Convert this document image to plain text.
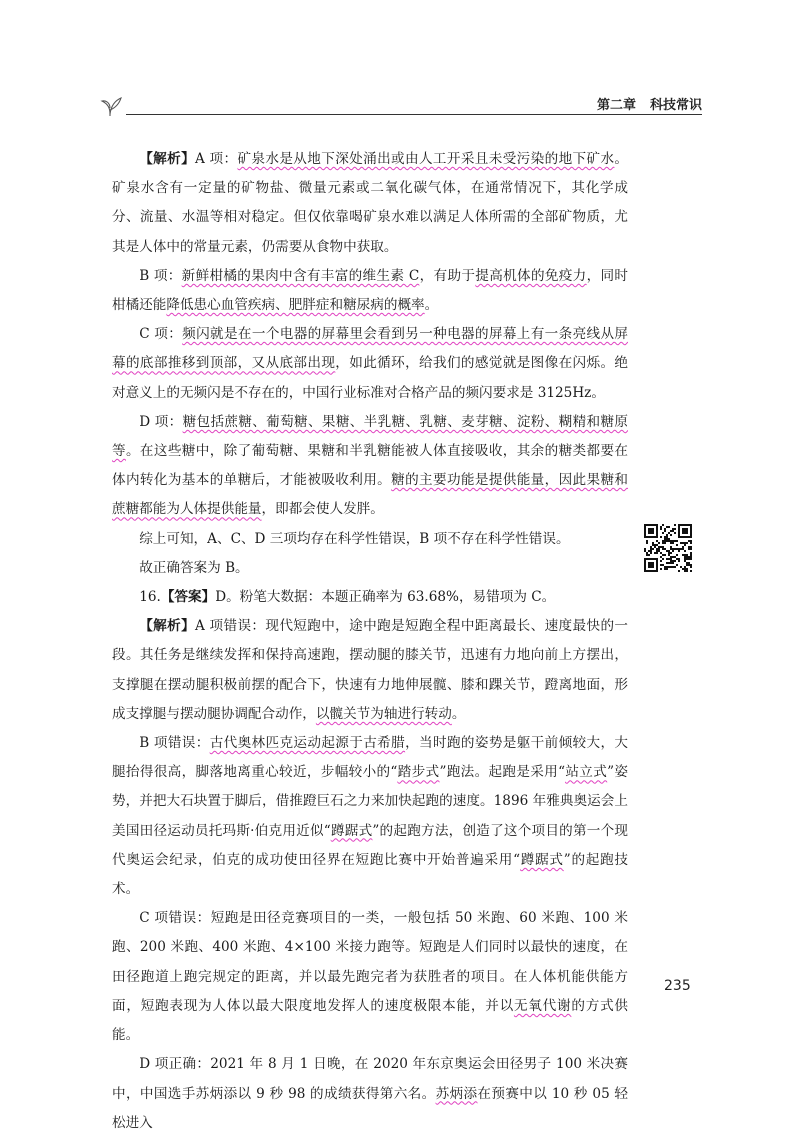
第二章 科技常识

【解析】A 项：矿泉水是从地下深处涌出或由人工开采且未受污染的地下矿水。矿泉水含有一定量的矿物盐、微量元素或二氧化碳气体，在通常情况下，其化学成分、流量、水温等相对稳定。但仅依靠喝矿泉水难以满足人体所需的全部矿物质，尤其是人体中的常量元素，仍需要从食物中获取。

B 项：新鲜柑橘的果肉中含有丰富的维生素 C，有助于提高机体的免疫力，同时柑橘还能降低患心血管疾病、肥胖症和糖尿病的概率。

C 项：频闪就是在一个电器的屏幕里会看到另一种电器的屏幕上有一条亮线从屏幕的底部推移到顶部，又从底部出现，如此循环，给我们的感觉就是图像在闪烁。绝对意义上的无频闪是不存在的，中国行业标准对合格产品的频闪要求是 3125Hz。

D 项：糖包括蔗糖、葡萄糖、果糖、半乳糖、乳糖、麦芽糖、淀粉、糊精和糖原等。在这些糖中，除了葡萄糖、果糖和半乳糖能被人体直接吸收，其余的糖类都要在体内转化为基本的单糖后，才能被吸收利用。糖的主要功能是提供能量，因此果糖和蔗糖都能为人体提供能量，即都会使人发胖。

综上可知，A、C、D 三项均存在科学性错误，B 项不存在科学性错误。

故正确答案为 B。

16.【答案】D。粉笔大数据：本题正确率为 63.68%，易错项为 C。

【解析】A 项错误：现代短跑中，途中跑是短跑全程中距离最长、速度最快的一段。其任务是继续发挥和保持高速跑，摆动腿的膝关节，迅速有力地向前上方摆出，支撑腿在摆动腿积极前摆的配合下，快速有力地伸展髋、膝和踝关节，蹬离地面，形成支撑腿与摆动腿协调配合动作，以髋关节为轴进行转动。

B 项错误：古代奥林匹克运动起源于古希腊，当时跑的姿势是躯干前倾较大，大腿抬得很高，脚落地离重心较近，步幅较小的“踏步式”跑法。起跑是采用“站立式”姿势，并把大石块置于脚后，借推蹬巨石之力来加快起跑的速度。1896 年雅典奥运会上美国田径运动员托玛斯·伯克用近似“蹲踞式”的起跑方法，创造了这个项目的第一个现代奥运会纪录，伯克的成功使田径界在短跑比赛中开始普遍采用“蹲踞式”的起跑技术。

C 项错误：短跑是田径竞赛项目的一类，一般包括 50 米跑、60 米跑、100 米跑、200 米跑、400 米跑、4×100 米接力跑等。短跑是人们同时以最快的速度，在田径跑道上跑完规定的距离，并以最先跑完者为获胜者的项目。在人体机能供能方面，短跑表现为人体以最大限度地发挥人的速度极限本能，并以无氧代谢的方式供能。

D 项正确：2021 年 8 月 1 日晚，在 2020 年东京奥运会田径男子 100 米决赛中，中国选手苏炳添以 9 秒 98 的成绩获得第六名。苏炳添在预赛中以 10 秒 05 轻松进入

235
